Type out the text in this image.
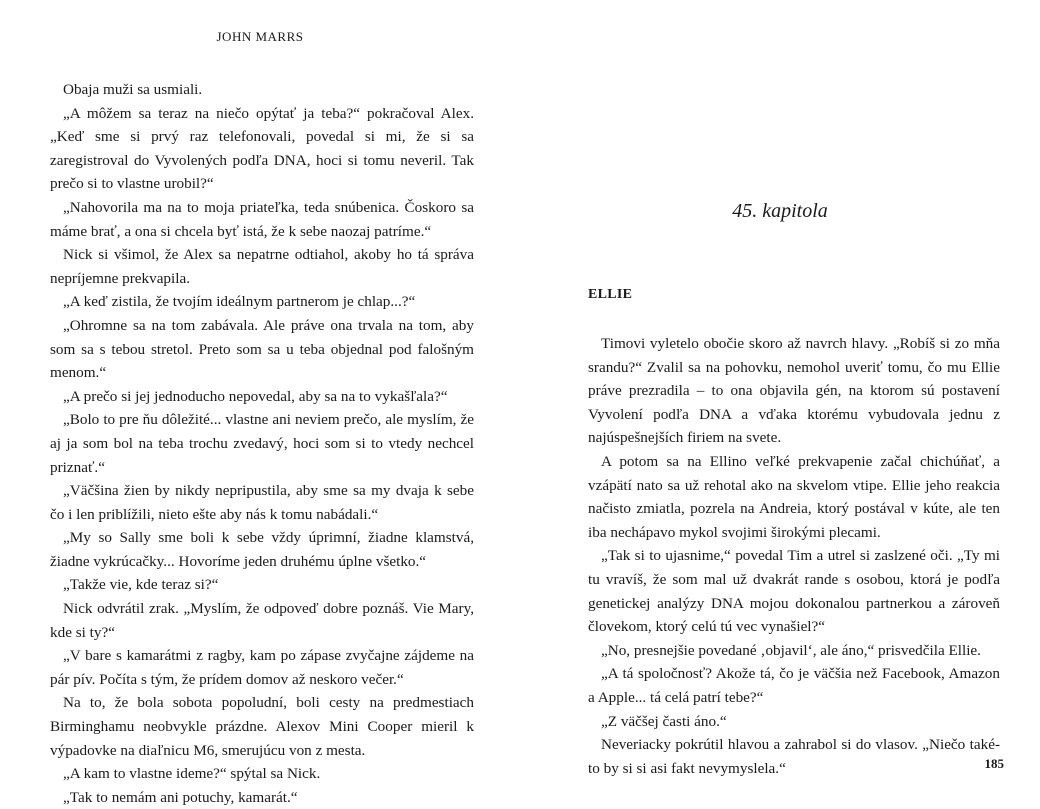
JOHN MARRS

Obaja muži sa usmiali.

„A môžem sa teraz na niečo opýtať ja teba?“ pokračoval Alex. „Keď sme si prvý raz telefonovali, povedal si mi, že si sa zaregistroval do Vyvolených podľa DNA, hoci si tomu neveril. Tak prečo si to vlastne urobil?“

„Nahovorila ma na to moja priateľka, teda snúbenica. Čoskoro sa máme brať, a ona si chcela byť istá, že k sebe naozaj patríme.“

Nick si všimol, že Alex sa nepatrne odtiahol, akoby ho tá správa nepríjemne prekvapila.

„A keď zistila, že tvojím ideálnym partnerom je chlap...?“

„Ohromne sa na tom zabávala. Ale práve ona trvala na tom, aby som sa s tebou stretol. Preto som sa u teba objednal pod falošným menom.“

„A prečo si jej jednoducho nepovedal, aby sa na to vykašľala?“

„Bolo to pre ňu dôležité... vlastne ani neviem prečo, ale myslím, že aj ja som bol na teba trochu zvedavý, hoci som si to vtedy nechcel priznať.“

„Väčšina žien by nikdy nepripustila, aby sme sa my dvaja k sebe čo i len priblížili, nieto ešte aby nás k tomu nabádali.“

„My so Sally sme boli k sebe vždy úprimní, žiadne klamstvá, žiadne vykrúcačky... Hovoríme jeden druhému úplne všetko.“

„Takže vie, kde teraz si?“

Nick odvrátil zrak. „Myslím, že odpoveď dobre poznáš. Vie Mary, kde si ty?“

„V bare s kamarátmi z ragby, kam po zápase zvyčajne zájdeme na pár pív. Počíta s tým, že prídem domov až neskoro večer.“

Na to, že bola sobota popoludní, boli cesty na predmestiach Birminghamu neobvykle prázdne. Alexov Mini Cooper mieril k výpadovke na diaľnicu M6, smerujúcu von z mesta.

„A kam to vlastne ideme?“ spýtal sa Nick.

„Tak to nemám ani potuchy, kamarát.“

45. kapitola
ELLIE

Timovi vyletelo obočie skoro až navrch hlavy. „Robíš si zo mňa srandu?“ Zvalil sa na pohovku, nemohol uveriť tomu, čo mu Ellie práve prezradila – to ona objavila gén, na ktorom sú postavení Vyvolení podľa DNA a vďaka ktorému vybudovala jednu z najúspešnejších firiem na svete.

A potom sa na Ellino veľké prekvapenie začal chichúňať, a vzápätí nato sa už rehotal ako na skvelom vtipe. Ellie jeho reakcia načisto zmiatla, pozrela na Andreia, ktorý postával v kúte, ale ten iba nechápavo mykol svojimi širokými plecami.

„Tak si to ujasnime,“ povedal Tim a utrel si zaslzené oči. „Ty mi tu vravíš, že som mal už dvakrát rande s osobou, ktorá je podľa genetickej analýzy DNA mojou dokonalou partnerkou a zároveň človekom, ktorý celú tú vec vynašiel?“

„No, presnejšie povedané ‚objavil‘, ale áno,“ prisvedčila Ellie.

„A tá spoločnosť? Akože tá, čo je väčšia než Facebook, Amazon a Apple... tá celá patrí tebe?“

„Z väčšej časti áno.“

Neveriacky pokrútil hlavou a zahrabol si do vlasov. „Niečo také-to by si si asi fakt nevymyslela.“	185
